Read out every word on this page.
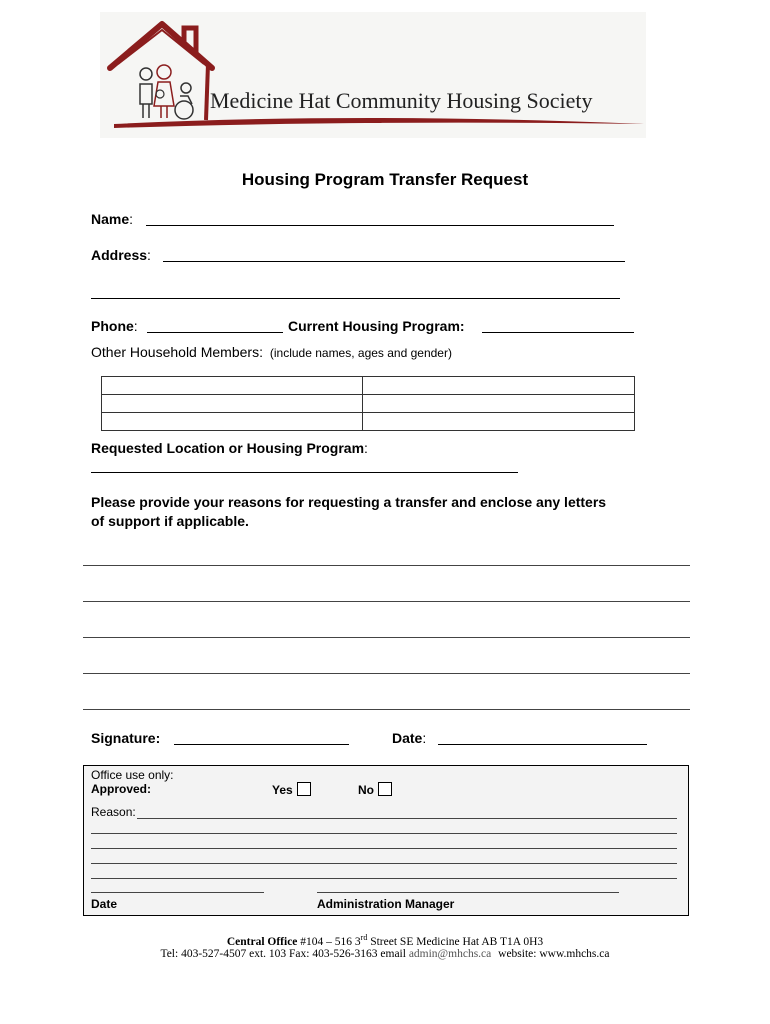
Medicine Hat Community Housing Society
Housing Program Transfer Request
Name:
Address:
Phone:	Current Housing Program:
Other Household Members: (include names, ages and gender)

Requested Location or Housing Program:
Please provide your reasons for requesting a transfer and enclose any letters
of support if applicable.
Signature:	Date:
Office use only:
Approved:	Yes	No
Reason:
Date	Administration Manager
Central Office #104 – 516 3rd Street SE Medicine Hat AB T1A 0H3
Tel: 403-527-4507 ext. 103 Fax: 403-526-3163 email admin@mhchs.ca website: www.mhchs.ca
